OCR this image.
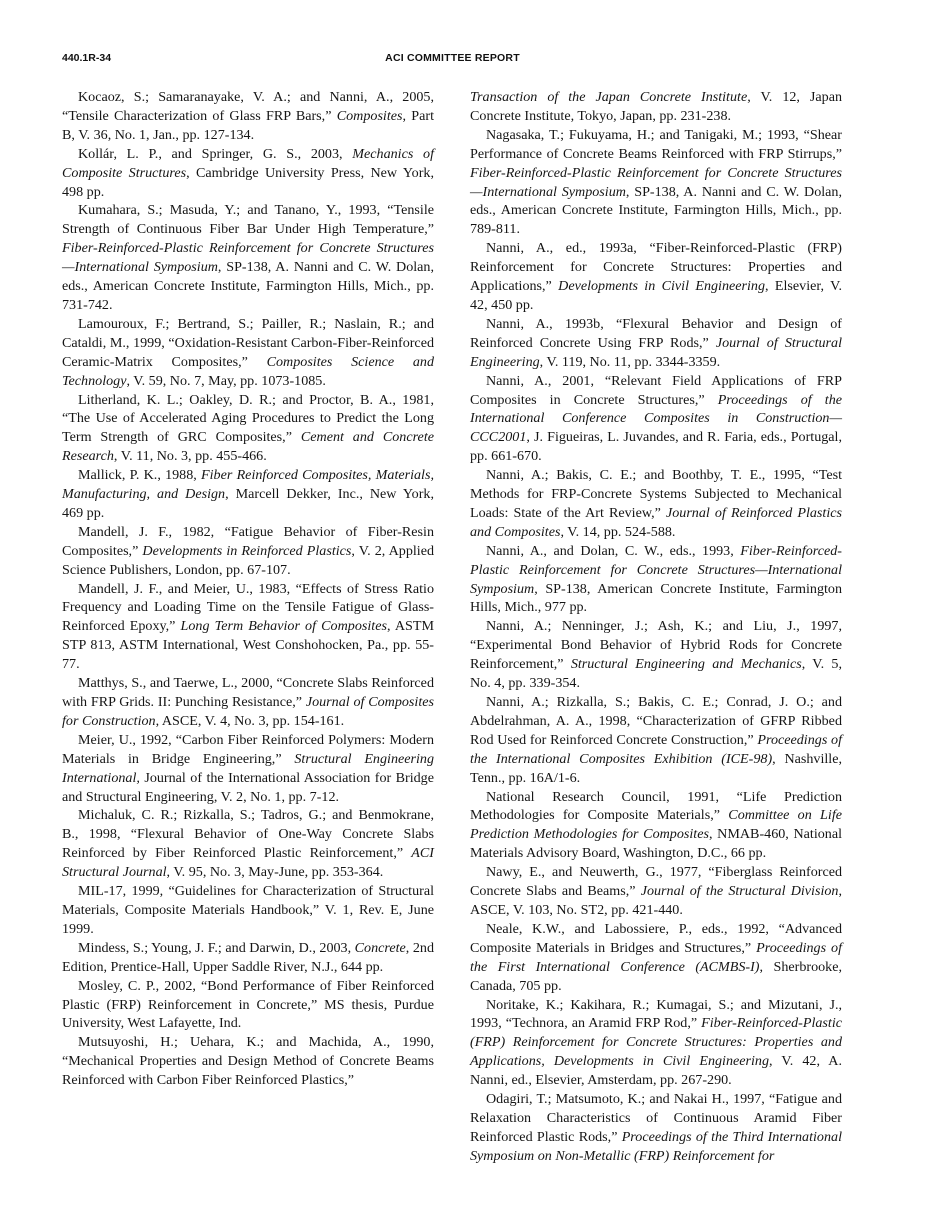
440.1R-34	ACI COMMITTEE REPORT

Kocaoz, S.; Samaranayake, V. A.; and Nanni, A., 2005, “Tensile Characterization of Glass FRP Bars,” Composites, Part B, V. 36, No. 1, Jan., pp. 127-134.

Kollár, L. P., and Springer, G. S., 2003, Mechanics of Composite Structures, Cambridge University Press, New York, 498 pp.

Kumahara, S.; Masuda, Y.; and Tanano, Y., 1993, “Tensile Strength of Continuous Fiber Bar Under High Temperature,” Fiber-Reinforced-Plastic Reinforcement for Concrete Structures—International Symposium, SP-138, A. Nanni and C. W. Dolan, eds., American Concrete Institute, Farmington Hills, Mich., pp. 731-742.

Lamouroux, F.; Bertrand, S.; Pailler, R.; Naslain, R.; and Cataldi, M., 1999, “Oxidation-Resistant Carbon-Fiber-Reinforced Ceramic-Matrix Composites,” Composites Science and Technology, V. 59, No. 7, May, pp. 1073-1085.

Litherland, K. L.; Oakley, D. R.; and Proctor, B. A., 1981, “The Use of Accelerated Aging Procedures to Predict the Long Term Strength of GRC Composites,” Cement and Concrete Research, V. 11, No. 3, pp. 455-466.

Mallick, P. K., 1988, Fiber Reinforced Composites, Materials, Manufacturing, and Design, Marcell Dekker, Inc., New York, 469 pp.

Mandell, J. F., 1982, “Fatigue Behavior of Fiber-Resin Composites,” Developments in Reinforced Plastics, V. 2, Applied Science Publishers, London, pp. 67-107.

Mandell, J. F., and Meier, U., 1983, “Effects of Stress Ratio Frequency and Loading Time on the Tensile Fatigue of Glass-Reinforced Epoxy,” Long Term Behavior of Composites, ASTM STP 813, ASTM International, West Conshohocken, Pa., pp. 55-77.

Matthys, S., and Taerwe, L., 2000, “Concrete Slabs Reinforced with FRP Grids. II: Punching Resistance,” Journal of Composites for Construction, ASCE, V. 4, No. 3, pp. 154-161.

Meier, U., 1992, “Carbon Fiber Reinforced Polymers: Modern Materials in Bridge Engineering,” Structural Engineering International, Journal of the International Association for Bridge and Structural Engineering, V. 2, No. 1, pp. 7-12.

Michaluk, C. R.; Rizkalla, S.; Tadros, G.; and Benmokrane, B., 1998, “Flexural Behavior of One-Way Concrete Slabs Reinforced by Fiber Reinforced Plastic Reinforcement,” ACI Structural Journal, V. 95, No. 3, May-June, pp. 353-364.

MIL-17, 1999, “Guidelines for Characterization of Structural Materials, Composite Materials Handbook,” V. 1, Rev. E, June 1999.

Mindess, S.; Young, J. F.; and Darwin, D., 2003, Concrete, 2nd Edition, Prentice-Hall, Upper Saddle River, N.J., 644 pp.

Mosley, C. P., 2002, “Bond Performance of Fiber Reinforced Plastic (FRP) Reinforcement in Concrete,” MS thesis, Purdue University, West Lafayette, Ind.

Mutsuyoshi, H.; Uehara, K.; and Machida, A., 1990, “Mechanical Properties and Design Method of Concrete Beams Reinforced with Carbon Fiber Reinforced Plastics,”

Transaction of the Japan Concrete Institute, V. 12, Japan Concrete Institute, Tokyo, Japan, pp. 231-238.

Nagasaka, T.; Fukuyama, H.; and Tanigaki, M.; 1993, “Shear Performance of Concrete Beams Reinforced with FRP Stirrups,” Fiber-Reinforced-Plastic Reinforcement for Concrete Structures—International Symposium, SP-138, A. Nanni and C. W. Dolan, eds., American Concrete Institute, Farmington Hills, Mich., pp. 789-811.

Nanni, A., ed., 1993a, “Fiber-Reinforced-Plastic (FRP) Reinforcement for Concrete Structures: Properties and Applications,” Developments in Civil Engineering, Elsevier, V. 42, 450 pp.

Nanni, A., 1993b, “Flexural Behavior and Design of Reinforced Concrete Using FRP Rods,” Journal of Structural Engineering, V. 119, No. 11, pp. 3344-3359.

Nanni, A., 2001, “Relevant Field Applications of FRP Composites in Concrete Structures,” Proceedings of the International Conference Composites in Construction—CCC2001, J. Figueiras, L. Juvandes, and R. Faria, eds., Portugal, pp. 661-670.

Nanni, A.; Bakis, C. E.; and Boothby, T. E., 1995, “Test Methods for FRP-Concrete Systems Subjected to Mechanical Loads: State of the Art Review,” Journal of Reinforced Plastics and Composites, V. 14, pp. 524-588.

Nanni, A., and Dolan, C. W., eds., 1993, Fiber-Reinforced-Plastic Reinforcement for Concrete Structures—International Symposium, SP-138, American Concrete Institute, Farmington Hills, Mich., 977 pp.

Nanni, A.; Nenninger, J.; Ash, K.; and Liu, J., 1997, “Experimental Bond Behavior of Hybrid Rods for Concrete Reinforcement,” Structural Engineering and Mechanics, V. 5, No. 4, pp. 339-354.

Nanni, A.; Rizkalla, S.; Bakis, C. E.; Conrad, J. O.; and Abdelrahman, A. A., 1998, “Characterization of GFRP Ribbed Rod Used for Reinforced Concrete Construction,” Proceedings of the International Composites Exhibition (ICE-98), Nashville, Tenn., pp. 16A/1-6.

National Research Council, 1991, “Life Prediction Methodologies for Composite Materials,” Committee on Life Prediction Methodologies for Composites, NMAB-460, National Materials Advisory Board, Washington, D.C., 66 pp.

Nawy, E., and Neuwerth, G., 1977, “Fiberglass Reinforced Concrete Slabs and Beams,” Journal of the Structural Division, ASCE, V. 103, No. ST2, pp. 421-440.

Neale, K.W., and Labossiere, P., eds., 1992, “Advanced Composite Materials in Bridges and Structures,” Proceedings of the First International Conference (ACMBS-I), Sherbrooke, Canada, 705 pp.

Noritake, K.; Kakihara, R.; Kumagai, S.; and Mizutani, J., 1993, “Technora, an Aramid FRP Rod,” Fiber-Reinforced-Plastic (FRP) Reinforcement for Concrete Structures: Properties and Applications, Developments in Civil Engineering, V. 42, A. Nanni, ed., Elsevier, Amsterdam, pp. 267-290.

Odagiri, T.; Matsumoto, K.; and Nakai H., 1997, “Fatigue and Relaxation Characteristics of Continuous Aramid Fiber Reinforced Plastic Rods,” Proceedings of the Third International Symposium on Non-Metallic (FRP) Reinforcement for
